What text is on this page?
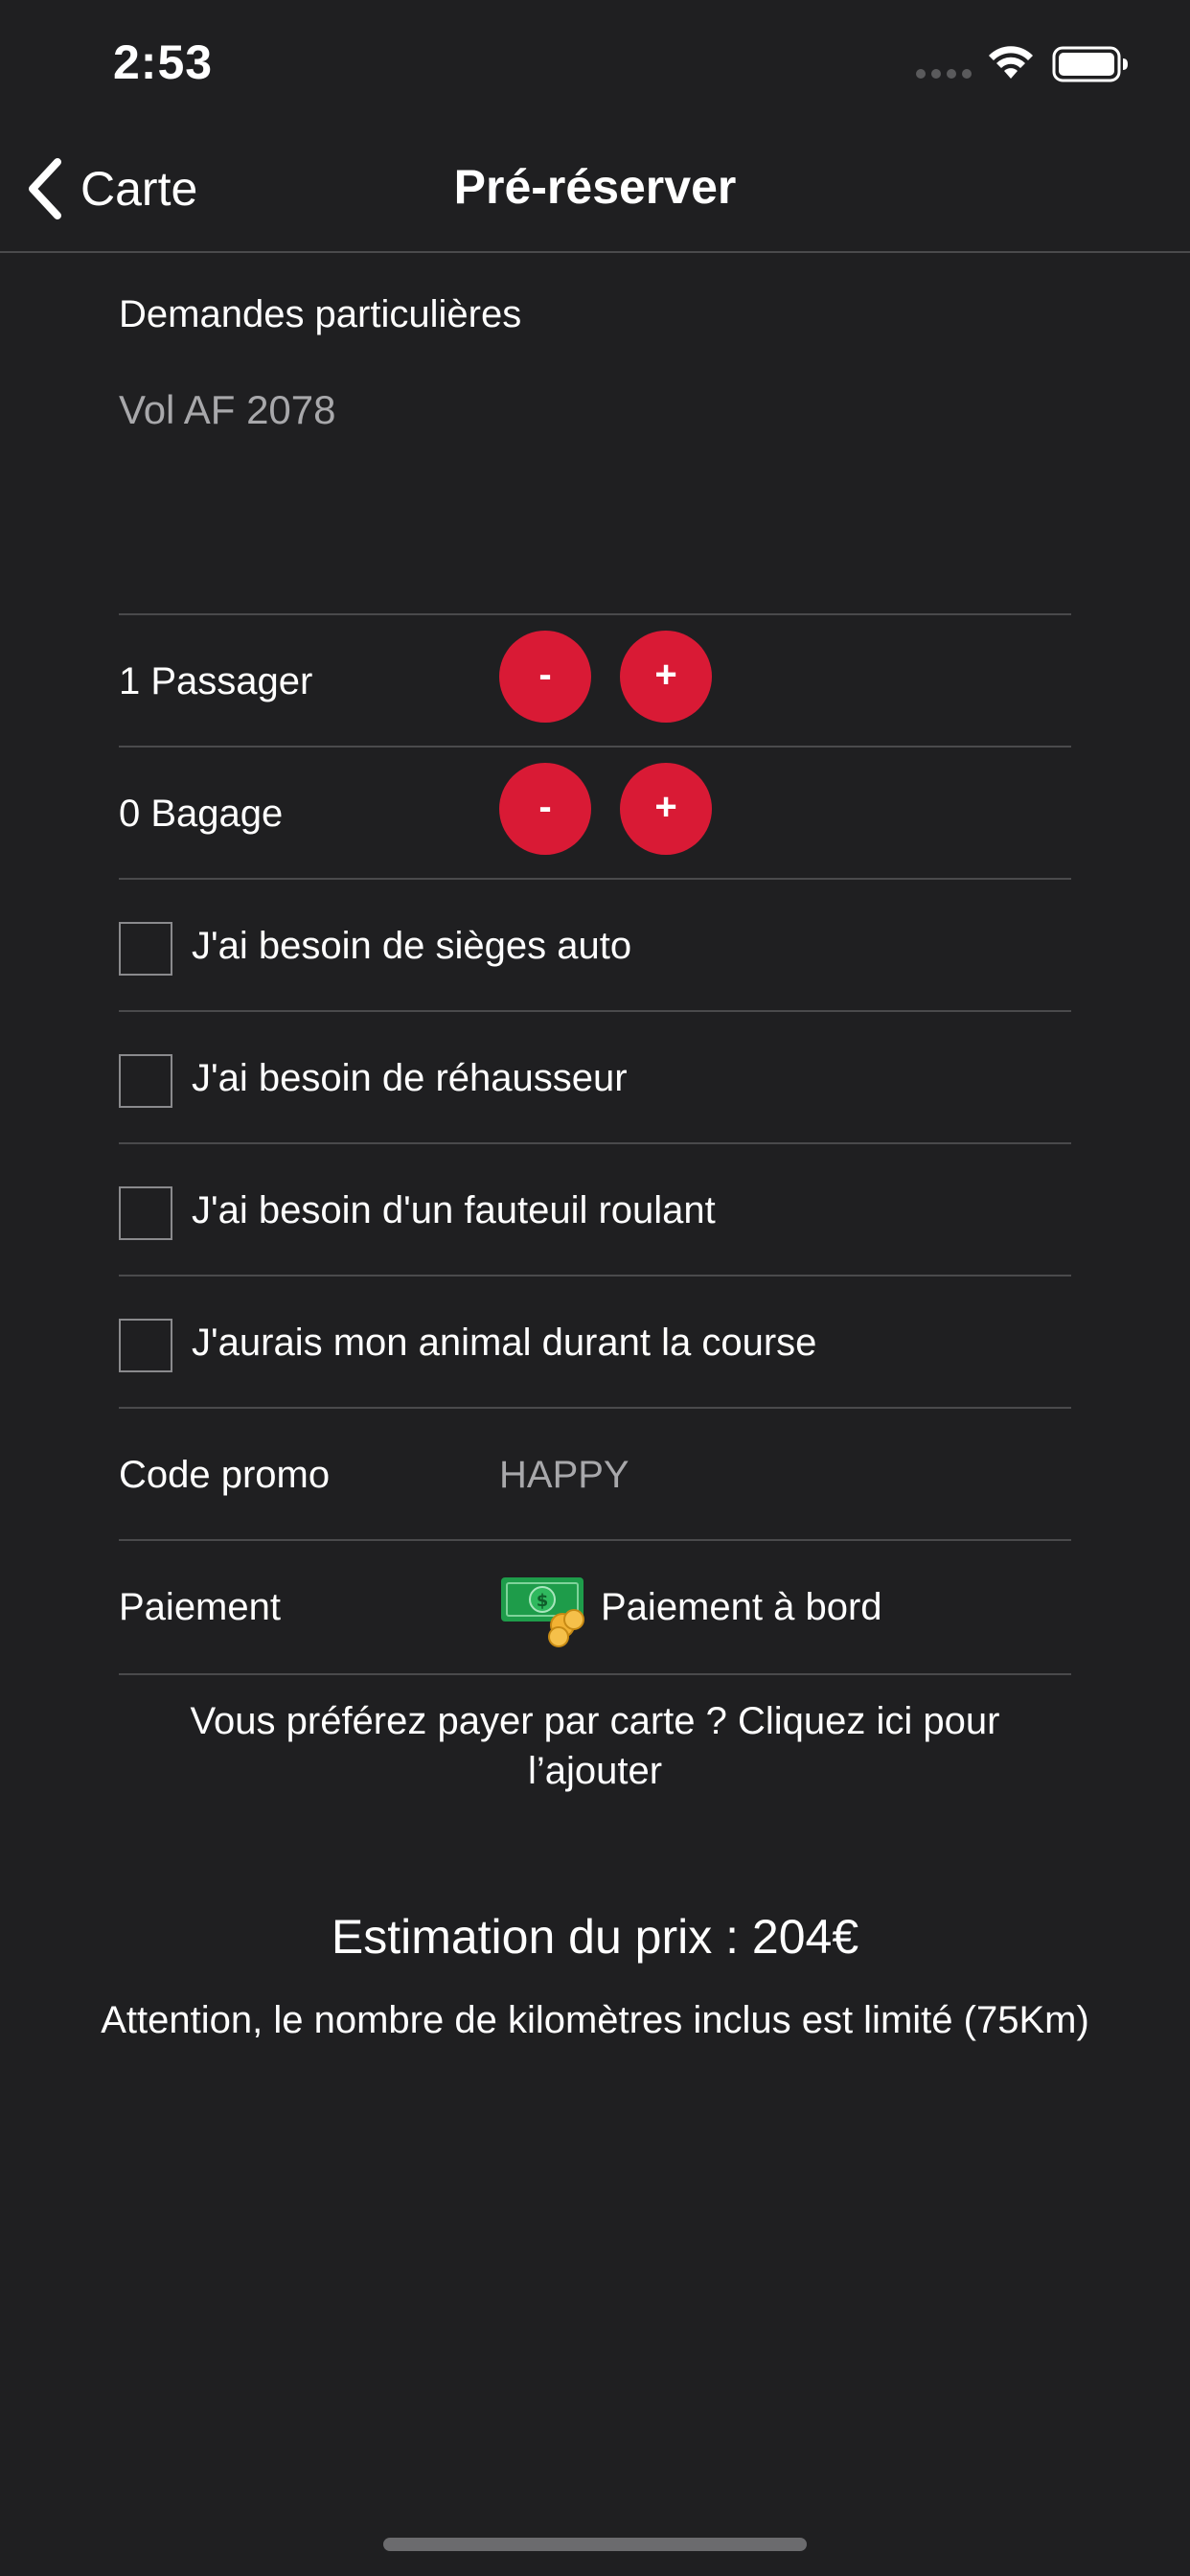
2:53
Carte	Pré-réserver
Demandes particulières
Vol AF 2078
1 Passager	-	+
0 Bagage	-	+
J'ai besoin de sièges auto
J'ai besoin de réhausseur
J'ai besoin d'un fauteuil roulant
J'aurais mon animal durant la course
Code promo	HAPPY
Paiement	$ Paiement à bord
Vous préférez payer par carte ? Cliquez ici pour
l’ajouter
Estimation du prix : 204€
Attention, le nombre de kilomètres inclus est limité (75Km)
